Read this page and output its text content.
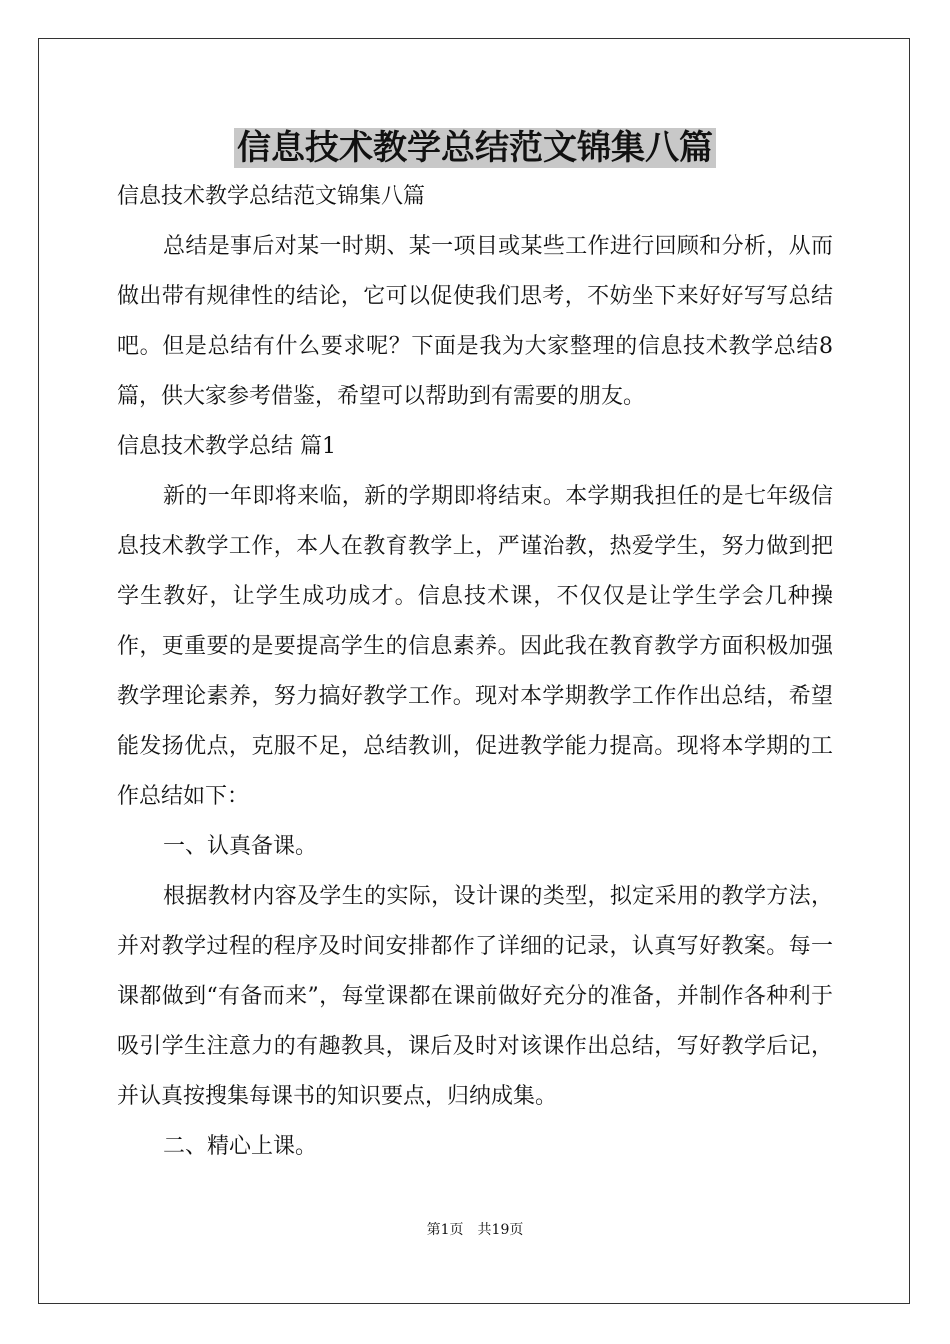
信息技术教学总结范文锦集八篇

信息技术教学总结范文锦集八篇

总结是事后对某一时期、某一项目或某些工作进行回顾和分析，从而做出带有规律性的结论，它可以促使我们思考，不妨坐下来好好写写总结吧。但是总结有什么要求呢？下面是我为大家整理的信息技术教学总结8篇，供大家参考借鉴，希望可以帮助到有需要的朋友。

信息技术教学总结 篇1

新的一年即将来临，新的学期即将结束。本学期我担任的是七年级信息技术教学工作，本人在教育教学上，严谨治教，热爱学生，努力做到把学生教好，让学生成功成才。信息技术课，不仅仅是让学生学会几种操作，更重要的是要提高学生的信息素养。因此我在教育教学方面积极加强教学理论素养，努力搞好教学工作。现对本学期教学工作作出总结，希望能发扬优点，克服不足，总结教训，促进教学能力提高。现将本学期的工作总结如下：

一、认真备课。

根据教材内容及学生的实际，设计课的类型，拟定采用的教学方法，并对教学过程的程序及时间安排都作了详细的记录，认真写好教案。每一课都做到“有备而来”，每堂课都在课前做好充分的准备，并制作各种利于吸引学生注意力的有趣教具，课后及时对该课作出总结，写好教学后记，并认真按搜集每课书的知识要点，归纳成集。

二、精心上课。

第1页 共19页
